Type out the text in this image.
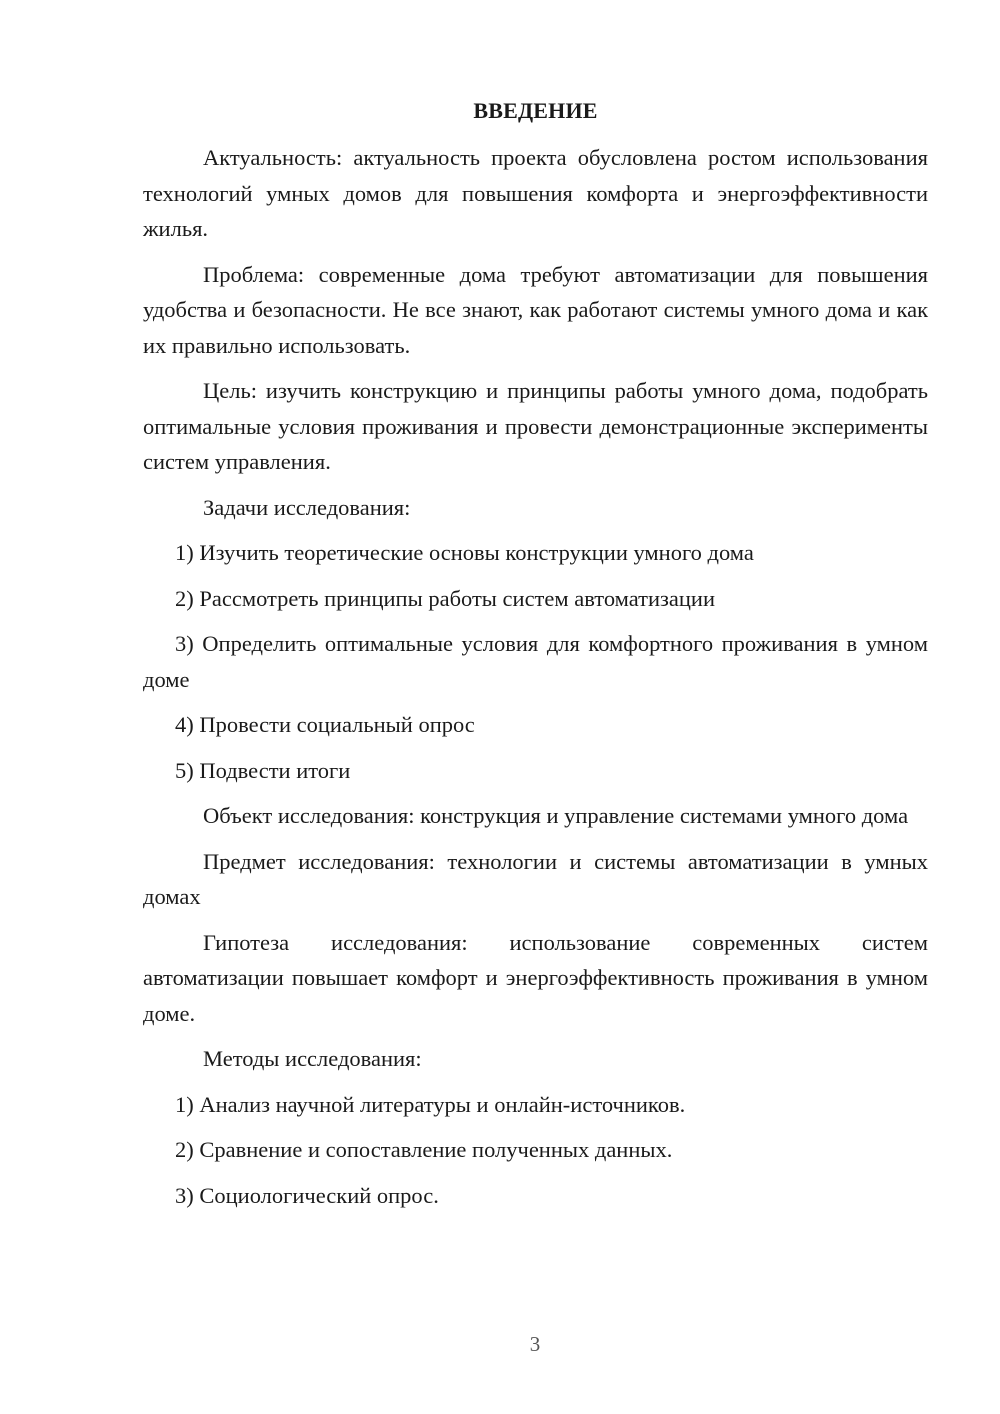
ВВЕДЕНИЕ

Актуальность: актуальность проекта обусловлена ростом использования технологий умных домов для повышения комфорта и энергоэффективности жилья.

Проблема: современные дома требуют автоматизации для повышения удобства и безопасности. Не все знают, как работают системы умного дома и как их правильно использовать.

Цель: изучить конструкцию и принципы работы умного дома, подобрать оптимальные условия проживания и провести демонстрационные эксперименты систем управления.

Задачи исследования:

1) Изучить теоретические основы конструкции умного дома

2) Рассмотреть принципы работы систем автоматизации

3) Определить оптимальные условия для комфортного проживания в умном доме

4) Провести социальный опрос

5) Подвести итоги

Объект исследования: конструкция и управление системами умного дома

Предмет исследования: технологии и системы автоматизации в умных домах

Гипотеза исследования: использование современных систем автоматизации повышает комфорт и энергоэффективность проживания в умном доме.

Методы исследования:

1) Анализ научной литературы и онлайн-источников.

2) Сравнение и сопоставление полученных данных.

3) Социологический опрос.

3
